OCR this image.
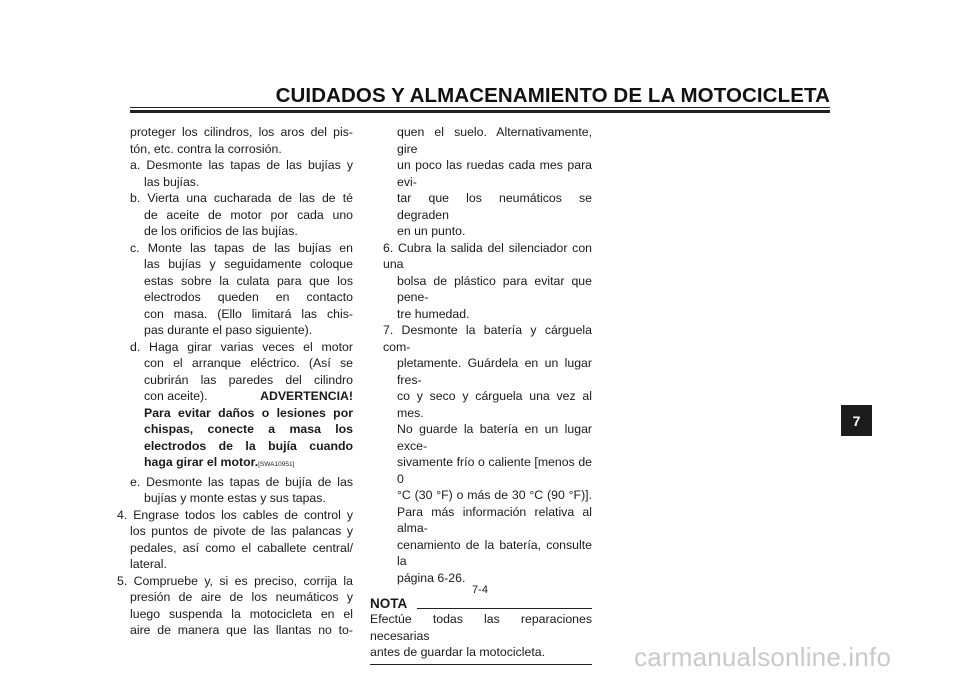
CUIDADOS Y ALMACENAMIENTO DE LA MOTOCICLETA
proteger los cilindros, los aros del pis-
tón, etc. contra la corrosión.
a. Desmonte las tapas de las bujías y
las bujías.
b. Vierta una cucharada de las de té
de aceite de motor por cada uno
de los orificios de las bujías.
c. Monte las tapas de las bujías en
las bujías y seguidamente coloque
estas sobre la culata para que los
electrodos queden en contacto
con masa. (Ello limitará las chis-
pas durante el paso siguiente).
d. Haga girar varias veces el motor
con el arranque eléctrico. (Así se
cubrirán las paredes del cilindro
con aceite).	ADVERTENCIA!
Para evitar daños o lesiones por
chispas, conecte a masa los
electrodos de la bujía cuando
haga girar el motor.[SWA10951]
e. Desmonte las tapas de bujía de las
bujías y monte estas y sus tapas.
4. Engrase todos los cables de control y
los puntos de pivote de las palancas y
pedales, así como el caballete central/
lateral.
5. Compruebe y, si es preciso, corrija la
presión de aire de los neumáticos y
luego suspenda la motocicleta en el
aire de manera que las llantas no to-
quen el suelo. Alternativamente, gire
un poco las ruedas cada mes para evi-
tar que los neumáticos se degraden
en un punto.
6. Cubra la salida del silenciador con una
bolsa de plástico para evitar que pene-
tre humedad.
7. Desmonte la batería y cárguela com-
pletamente. Guárdela en un lugar fres-
co y seco y cárguela una vez al mes.
No guarde la batería en un lugar exce-
sivamente frío o caliente [menos de 0
°C (30 °F) o más de 30 °C (90 °F)].
Para más información relativa al alma-
cenamiento de la batería, consulte la
página 6-26.
NOTA
Efectúe todas las reparaciones necesarias
antes de guardar la motocicleta.
7
7-4
carmanualsonline.info
